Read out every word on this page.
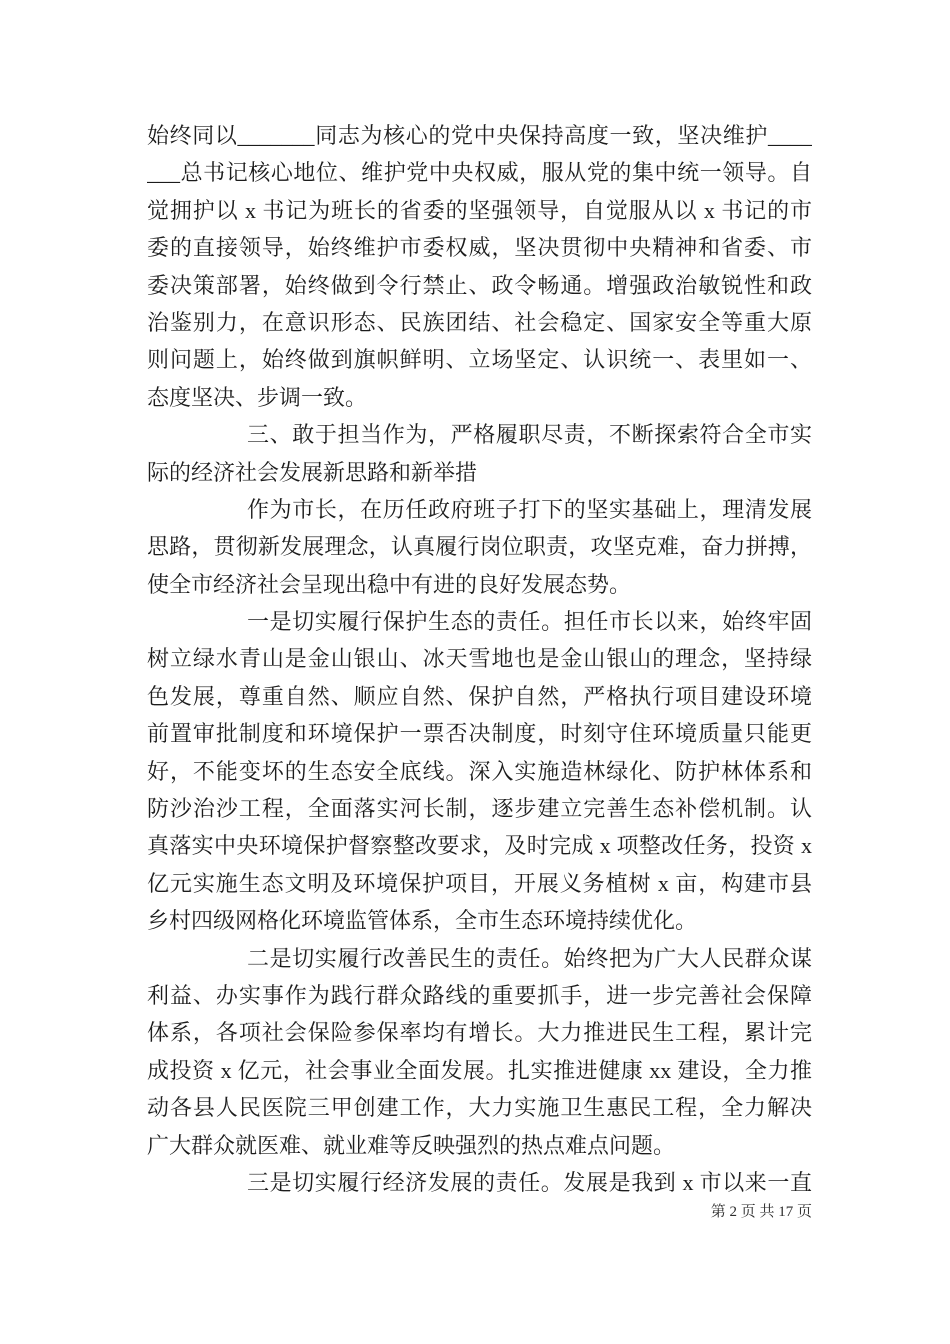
始终同以_______同志为核心的党中央保持高度一致，坚决维护____
___总书记核心地位、维护党中央权威，服从党的集中统一领导。自
觉拥护以 x 书记为班长的省委的坚强领导，自觉服从以 x 书记的市
委的直接领导，始终维护市委权威，坚决贯彻中央精神和省委、市
委决策部署，始终做到令行禁止、政令畅通。增强政治敏锐性和政
治鉴别力，在意识形态、民族团结、社会稳定、国家安全等重大原
则问题上，始终做到旗帜鲜明、立场坚定、认识统一、表里如一、
态度坚决、步调一致。
三、敢于担当作为，严格履职尽责，不断探索符合全市实
际的经济社会发展新思路和新举措
作为市长，在历任政府班子打下的坚实基础上，理清发展
思路，贯彻新发展理念，认真履行岗位职责，攻坚克难，奋力拼搏，
使全市经济社会呈现出稳中有进的良好发展态势。
一是切实履行保护生态的责任。担任市长以来，始终牢固
树立绿水青山是金山银山、冰天雪地也是金山银山的理念，坚持绿
色发展，尊重自然、顺应自然、保护自然，严格执行项目建设环境
前置审批制度和环境保护一票否决制度，时刻守住环境质量只能更
好，不能变坏的生态安全底线。深入实施造林绿化、防护林体系和
防沙治沙工程，全面落实河长制，逐步建立完善生态补偿机制。认
真落实中央环境保护督察整改要求，及时完成 x 项整改任务，投资 x
亿元实施生态文明及环境保护项目，开展义务植树 x 亩，构建市县
乡村四级网格化环境监管体系，全市生态环境持续优化。
二是切实履行改善民生的责任。始终把为广大人民群众谋
利益、办实事作为践行群众路线的重要抓手，进一步完善社会保障
体系，各项社会保险参保率均有增长。大力推进民生工程，累计完
成投资 x 亿元，社会事业全面发展。扎实推进健康 xx 建设，全力推
动各县人民医院三甲创建工作，大力实施卫生惠民工程，全力解决
广大群众就医难、就业难等反映强烈的热点难点问题。
三是切实履行经济发展的责任。发展是我到 x 市以来一直
第 2 页 共 17 页
